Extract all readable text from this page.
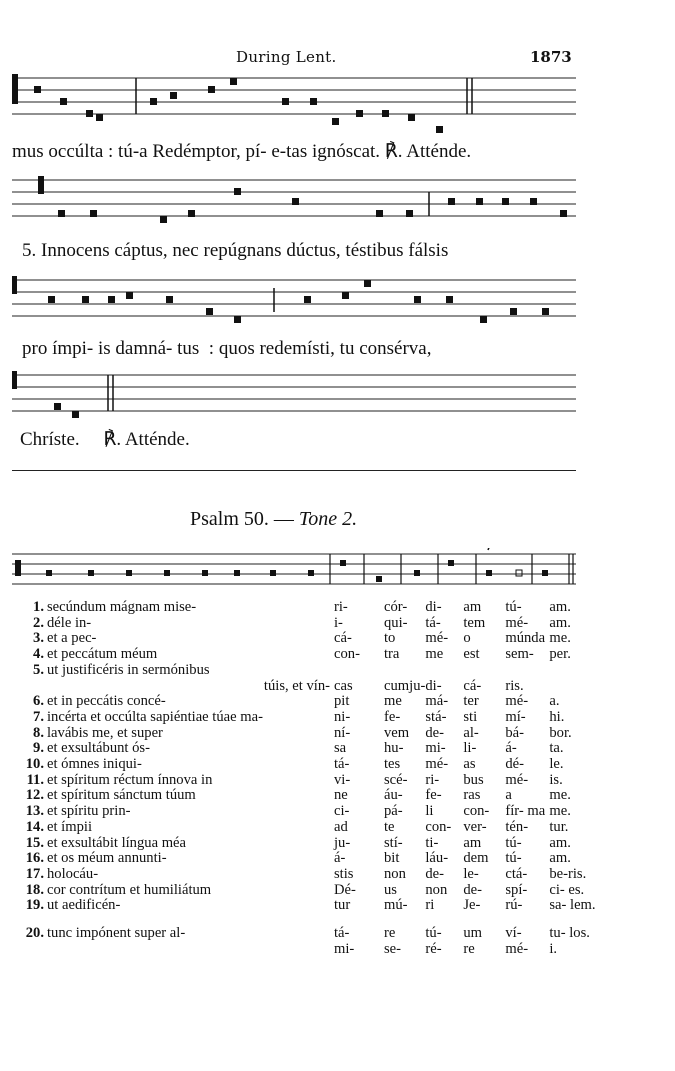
During Lent.	1873
mus occúlta : tú-a Redémptor, pí- e-tas ignóscat. ℟. Atténde.
5. Innocens cáptus, nec repúgnans dúctus, téstibus fálsis
pro ímpi- is damná- tus  : quos redemísti, tu consérva,
Chríste.     ℟. Atténde.
Psalm 50. — Tone 2.
1.	secúndum mágnam mise-	ri-	cór-	di-	am	tú-	am.
2.	déle in-	i-	qui-	tá-	tem	mé-	am.
3.	et a pec-	cá-	to	mé-	o	múnda	me.
4.	et peccátum méum	con-	tra	me	est	sem-	per.
5.	ut justificéris in sermónibus						
	túis, et vín-	cas	cumju-	di-	cá-	ris.	
6.	et in peccátis concé-	pit	me	má-	ter	mé-	a.
7.	incérta et occúlta sapiéntiae túae ma-	ni-	fe-	stá-	sti	mí-	hi.
8.	lavábis me, et super	ní-	vem	de-	al-	bá-	bor.
9.	et exsultábunt ós-	sa	hu-	mi-	li-	á-	ta.
10.	et ómnes iniqui-	tá-	tes	mé-	as	dé-	le.
11.	et spíritum réctum ínnova in	vi-	scé-	ri-	bus	mé-	is.
12.	et spíritum sánctum túum	ne	áu-	fe-	ras	a	me.
13.	et spíritu prin-	ci-	pá-	li	con-	fír- ma	me.
14.	et ímpii	ad	te	con-	ver-	tén-	tur.
15.	et exsultábit língua méa	ju-	stí-	ti-	am	tú-	am.
16.	et os méum annunti-	á-	bit	láu-	dem	tú-	am.
17.	holocáu-	stis	non	de-	le-	ctá-	be-ris.
18.	cor contrítum et humiliátum	Dé-	us	non	de-	spí-	ci- es.
19.	ut aedificén-	tur	mú-	ri	Je-	rú-	sa- lem.

20.	tunc impónent super al-	tá-	re	tú-	um	ví-	tu- los.
		mi-	se-	ré-	re	mé-	i.
